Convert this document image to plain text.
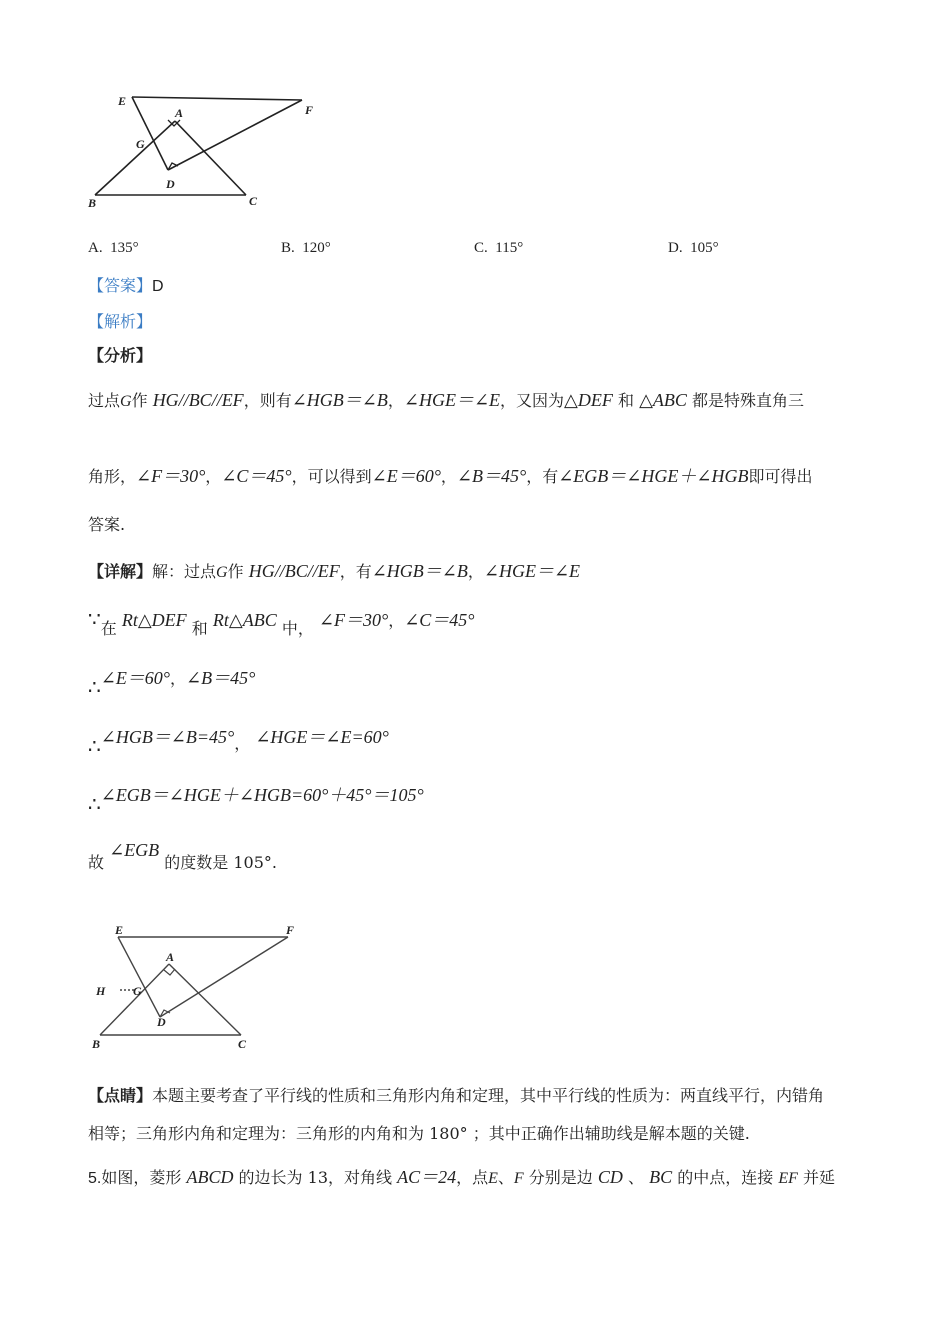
E
F
A
G
D
B	C
A. 135°	B. 120°	C. 115°	D. 105°
【答案】D
【解析】
【分析】
过点G作 HG//BC//EF，则有∠HGB＝∠B，∠HGE＝∠E，又因为△DEF 和 △ABC 都是特殊直角三
角形，∠F＝30°，∠C＝45°，可以得到∠E＝60°，∠B＝45°，有∠EGB＝∠HGE＋∠HGB即可得出
答案.
【详解】解：过点G作 HG//BC//EF，有∠HGB＝∠B，∠HGE＝∠E
∵在 Rt△DEF 和 Rt△ABC 中， ∠F＝30°，∠C＝45°
∴∠E＝60°，∠B＝45°
∴∠HGB＝∠B=45°， ∠HGE＝∠E=60°
∴∠EGB＝∠HGE＋∠HGB=60°＋45°＝105°
故 ∠EGB 的度数是 105°.
E	F
A
H G
D
B	C
【点睛】本题主要考查了平行线的性质和三角形内角和定理，其中平行线的性质为：两直线平行，内错角
相等；三角形内角和定理为：三角形的内角和为 180° ；其中正确作出辅助线是解本题的关键.
5.如图，菱形 ABCD 的边长为 13，对角线 AC＝24，点E、F 分别是边 CD 、 BC 的中点，连接 EF 并延
